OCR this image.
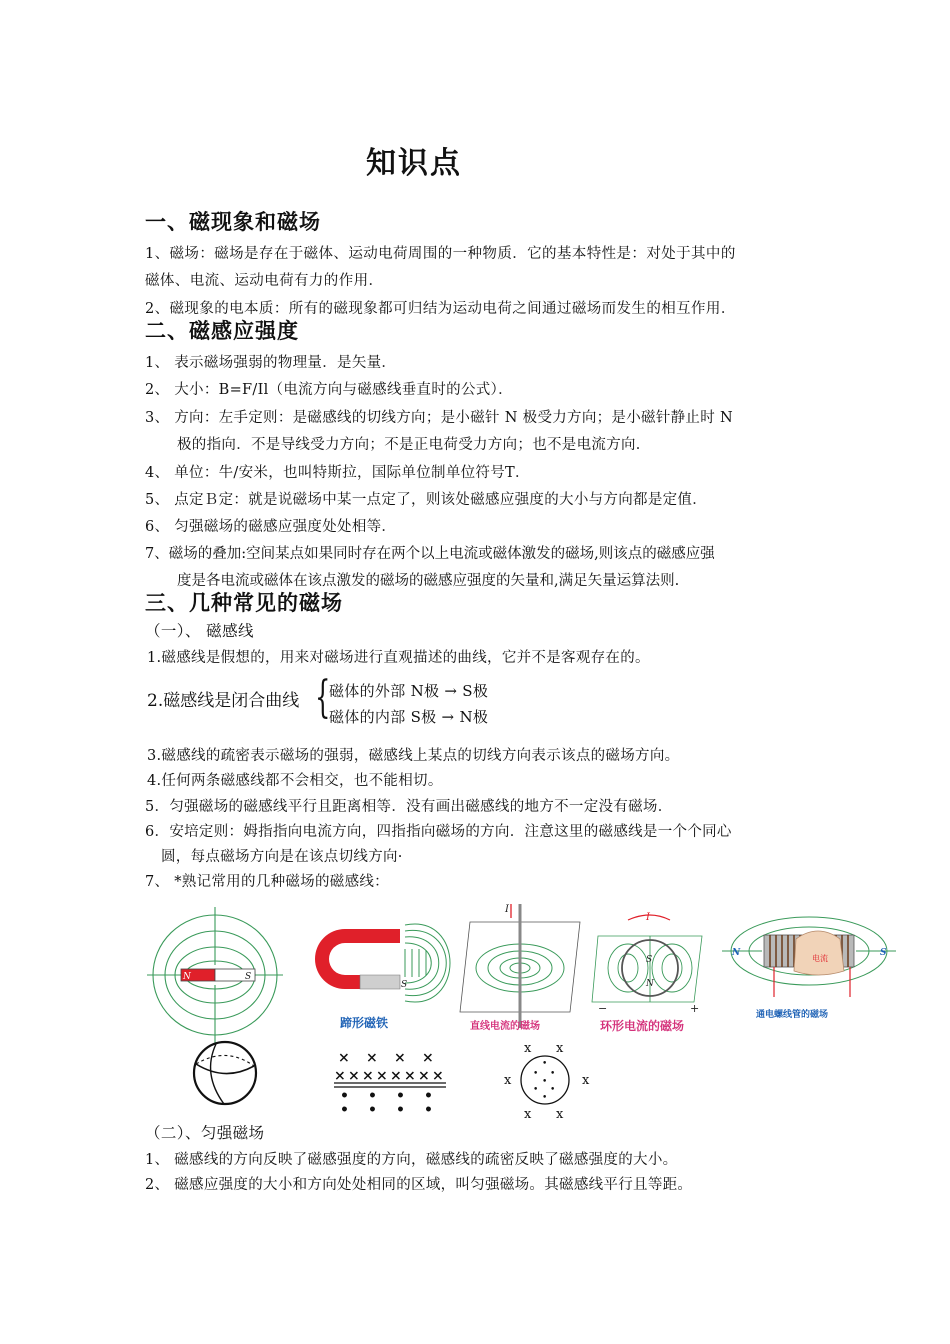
知识点
一、磁现象和磁场
1、磁场：磁场是存在于磁体、运动电荷周围的一种物质．它的基本特性是：对处于其中的
磁体、电流、运动电荷有力的作用．
2、磁现象的电本质：所有的磁现象都可归结为运动电荷之间通过磁场而发生的相互作用．
二、磁感应强度
1、 表示磁场强弱的物理量．是矢量．
2、 大小：B=F/Il（电流方向与磁感线垂直时的公式）．
3、 方向：左手定则：是磁感线的切线方向；是小磁针 N 极受力方向；是小磁针静止时 N
极的指向．不是导线受力方向；不是正电荷受力方向；也不是电流方向．
4、 单位：牛/安米，也叫特斯拉，国际单位制单位符号T．
5、 点定Ｂ定：就是说磁场中某一点定了，则该处磁感应强度的大小与方向都是定值．
6、 匀强磁场的磁感应强度处处相等．
7、磁场的叠加:空间某点如果同时存在两个以上电流或磁体激发的磁场,则该点的磁感应强
度是各电流或磁体在该点激发的磁场的磁感应强度的矢量和,满足矢量运算法则.
三、几种常见的磁场
（一）、 磁感线
1.磁感线是假想的，用来对磁场进行直观描述的曲线，它并不是客观存在的。
2.磁感线是闭合曲线 {
磁体的外部 N极 → S极
磁体的内部 S极 → N极
3.磁感线的疏密表示磁场的强弱，磁感线上某点的切线方向表示该点的磁场方向。
4.任何两条磁感线都不会相交，也不能相切。
5．匀强磁场的磁感线平行且距离相等．没有画出磁感线的地方不一定没有磁场．
6．安培定则：姆指指向电流方向，四指指向磁场的方向．注意这里的磁感线是一个个同心
圆，每点磁场方向是在该点切线方向·
7、 *熟记常用的几种磁场的磁感线：
N	S
S
蹄形磁铁
I
直线电流的磁场
I
S
N
−	+
环形电流的磁场
电流
N	S
通电螺线管的磁场
× × × ×
× × × × × × × ×
• • • •
• • • •
x x
x	x
x x
•
• •
•
• •
•
（二）、匀强磁场
1、 磁感线的方向反映了磁感强度的方向，磁感线的疏密反映了磁感强度的大小。
2、 磁感应强度的大小和方向处处相同的区域，叫匀强磁场。其磁感线平行且等距。
